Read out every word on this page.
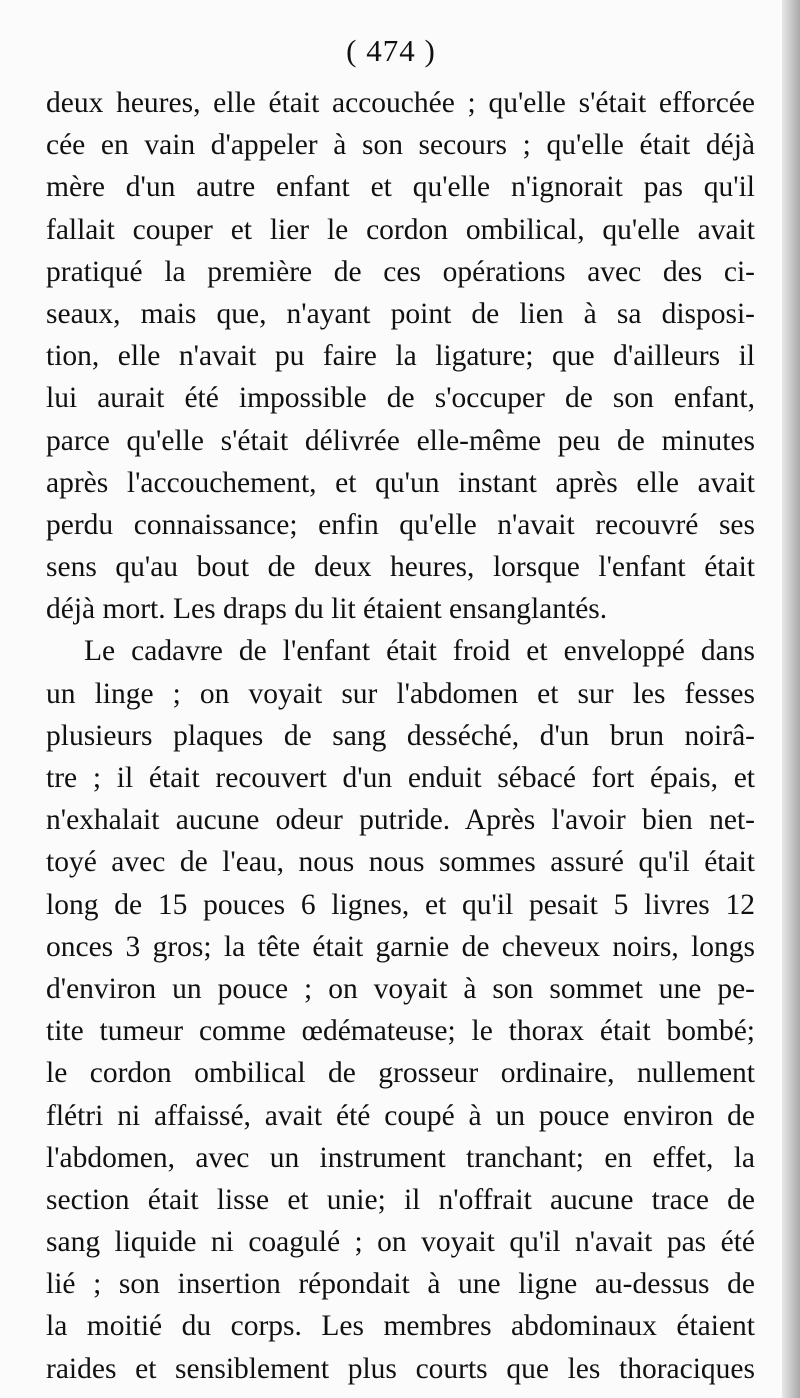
( 474 )
deux heures, elle était accouchée ; qu'elle s'était efforcée
cée en vain d'appeler à son secours ; qu'elle était déjà
mère d'un autre enfant et qu'elle n'ignorait pas qu'il
fallait couper et lier le cordon ombilical, qu'elle avait
pratiqué la première de ces opérations avec des ci-
seaux, mais que, n'ayant point de lien à sa disposi-
tion, elle n'avait pu faire la ligature; que d'ailleurs il
lui aurait été impossible de s'occuper de son enfant,
parce qu'elle s'était délivrée elle-même peu de minutes
après l'accouchement, et qu'un instant après elle avait
perdu connaissance; enfin qu'elle n'avait recouvré ses
sens qu'au bout de deux heures, lorsque l'enfant était
déjà mort. Les draps du lit étaient ensanglantés.
Le cadavre de l'enfant était froid et enveloppé dans
un linge ; on voyait sur l'abdomen et sur les fesses
plusieurs plaques de sang desséché, d'un brun noirâ-
tre ; il était recouvert d'un enduit sébacé fort épais, et
n'exhalait aucune odeur putride. Après l'avoir bien net-
toyé avec de l'eau, nous nous sommes assuré qu'il était
long de 15 pouces 6 lignes, et qu'il pesait 5 livres 12
onces 3 gros; la tête était garnie de cheveux noirs, longs
d'environ un pouce ; on voyait à son sommet une pe-
tite tumeur comme œdémateuse; le thorax était bombé;
le cordon ombilical de grosseur ordinaire, nullement
flétri ni affaissé, avait été coupé à un pouce environ de
l'abdomen, avec un instrument tranchant; en effet, la
section était lisse et unie; il n'offrait aucune trace de
sang liquide ni coagulé ; on voyait qu'il n'avait pas été
lié ; son insertion répondait à une ligne au-dessus de
la moitié du corps. Les membres abdominaux étaient
raides et sensiblement plus courts que les thoraciques
